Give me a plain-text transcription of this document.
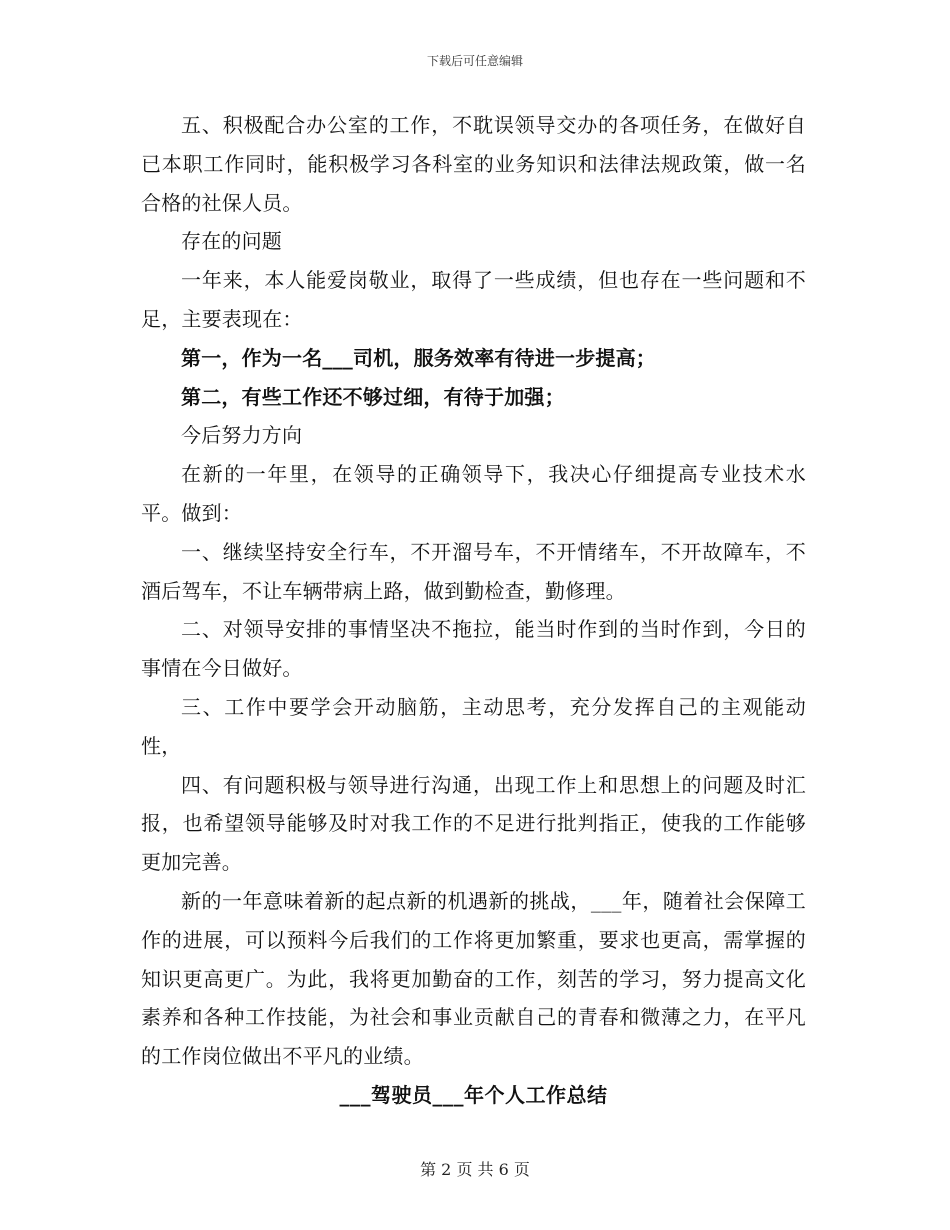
下载后可任意编辑

五、积极配合办公室的工作，不耽误领导交办的各项任务，在做好自已本职工作同时，能积极学习各科室的业务知识和法律法规政策，做一名合格的社保人员。

存在的问题

一年来，本人能爱岗敬业，取得了一些成绩，但也存在一些问题和不足，主要表现在：

第一，作为一名___司机，服务效率有待进一步提高；

第二，有些工作还不够过细，有待于加强；

今后努力方向

在新的一年里，在领导的正确领导下，我决心仔细提高专业技术水平。做到：

一、继续坚持安全行车，不开溜号车，不开情绪车，不开故障车，不酒后驾车，不让车辆带病上路，做到勤检查，勤修理。

二、对领导安排的事情坚决不拖拉，能当时作到的当时作到，今日的事情在今日做好。

三、工作中要学会开动脑筋，主动思考，充分发挥自己的主观能动性，

四、有问题积极与领导进行沟通，出现工作上和思想上的问题及时汇报，也希望领导能够及时对我工作的不足进行批判指正，使我的工作能够更加完善。

新的一年意味着新的起点新的机遇新的挑战，___年，随着社会保障工作的进展，可以预料今后我们的工作将更加繁重，要求也更高，需掌握的知识更高更广。为此，我将更加勤奋的工作，刻苦的学习，努力提高文化素养和各种工作技能，为社会和事业贡献自己的青春和微薄之力，在平凡的工作岗位做出不平凡的业绩。

___驾驶员___年个人工作总结

第 2 页 共 6 页
